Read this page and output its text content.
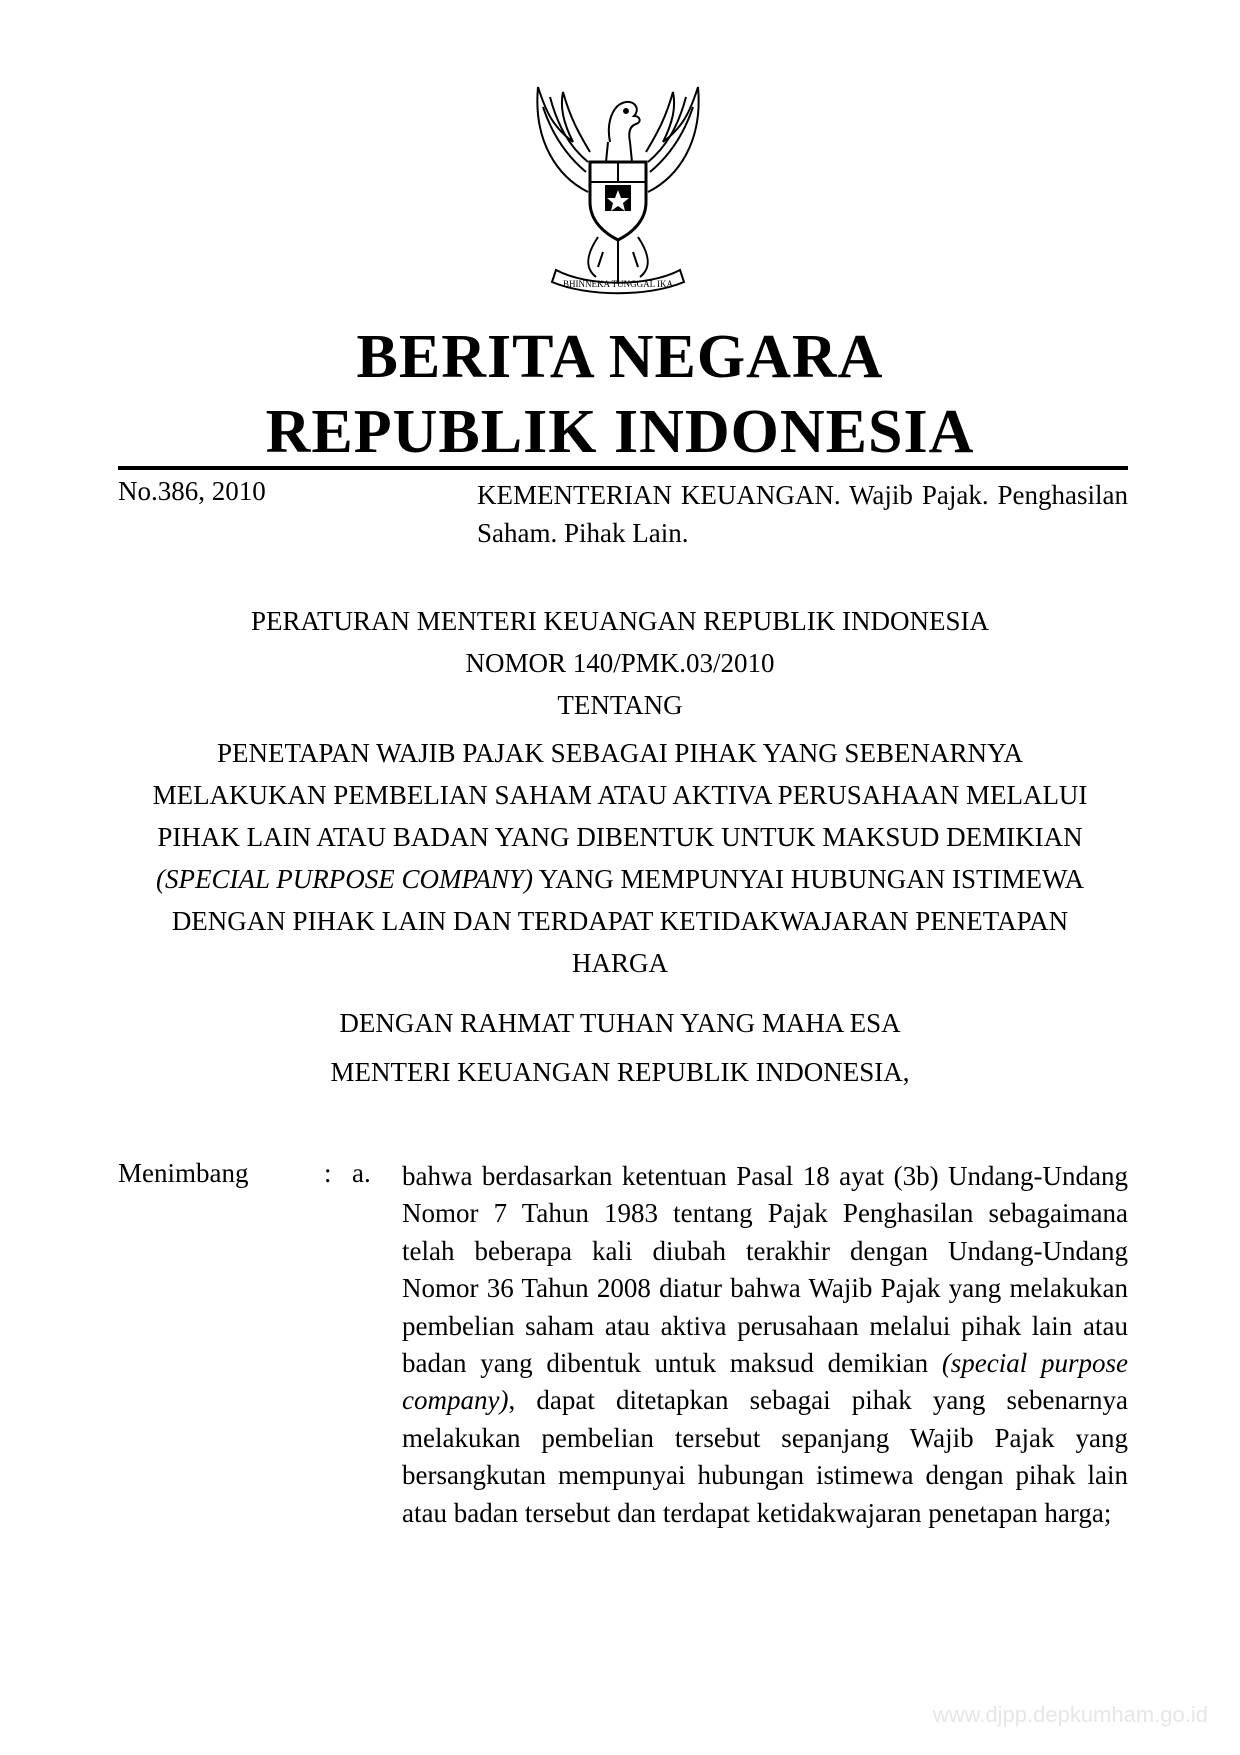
BHINNEKA TUNGGAL IKA
BERITA NEGARA
REPUBLIK INDONESIA
No.386, 2010	KEMENTERIAN KEUANGAN. Wajib Pajak. Penghasilan Saham. Pihak Lain.
PERATURAN MENTERI KEUANGAN REPUBLIK INDONESIA
NOMOR 140/PMK.03/2010
TENTANG
PENETAPAN WAJIB PAJAK SEBAGAI PIHAK YANG SEBENARNYA MELAKUKAN PEMBELIAN SAHAM ATAU AKTIVA PERUSAHAAN MELALUI PIHAK LAIN ATAU BADAN YANG DIBENTUK UNTUK MAKSUD DEMIKIAN (SPECIAL PURPOSE COMPANY) YANG MEMPUNYAI HUBUNGAN ISTIMEWA DENGAN PIHAK LAIN DAN TERDAPAT KETIDAKWAJARAN PENETAPAN HARGA
DENGAN RAHMAT TUHAN YANG MAHA ESA
MENTERI KEUANGAN REPUBLIK INDONESIA,
Menimbang	: a. bahwa berdasarkan ketentuan Pasal 18 ayat (3b) Undang-Undang Nomor 7 Tahun 1983 tentang Pajak Penghasilan sebagaimana telah beberapa kali diubah terakhir dengan Undang-Undang Nomor 36 Tahun 2008 diatur bahwa Wajib Pajak yang melakukan pembelian saham atau aktiva perusahaan melalui pihak lain atau badan yang dibentuk untuk maksud demikian (special purpose company), dapat ditetapkan sebagai pihak yang sebenarnya melakukan pembelian tersebut sepanjang Wajib Pajak yang bersangkutan mempunyai hubungan istimewa dengan pihak lain atau badan tersebut dan terdapat ketidakwajaran penetapan harga;
www.djpp.depkumham.go.id
